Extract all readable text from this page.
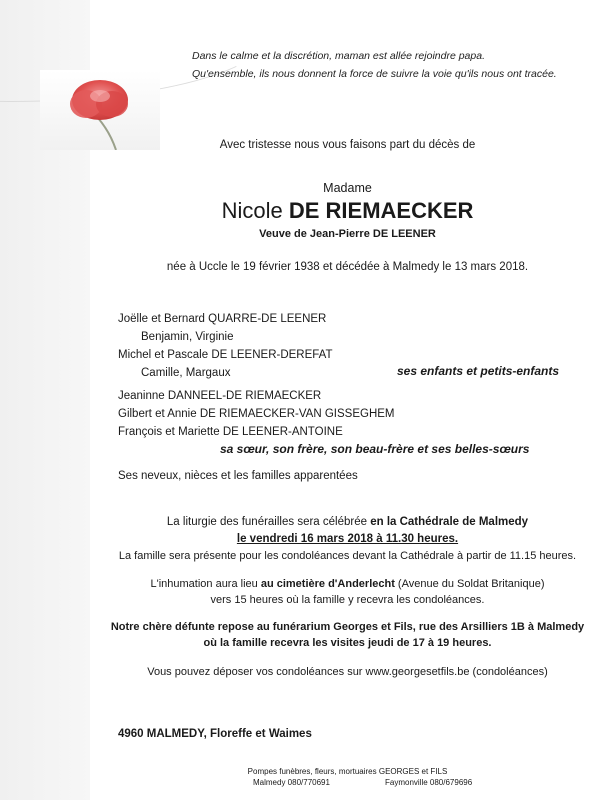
Dans le calme et la discrétion, maman est allée rejoindre papa.
Qu'ensemble, ils nous donnent la force de suivre la voie qu'ils nous ont tracée.
Avec tristesse nous vous faisons part du décès de
Madame
Nicole DE RIEMAECKER
Veuve de Jean-Pierre DE LEENER
née à Uccle le 19 février 1938 et décédée à Malmedy le 13 mars 2018.
Joëlle et Bernard QUARRE-DE LEENER
Benjamin, Virginie
Michel et Pascale DE LEENER-DEREFAT
Camille, Margaux	ses enfants et petits-enfants
Jeaninne DANNEEL-DE RIEMAECKER
Gilbert et Annie DE RIEMAECKER-VAN GISSEGHEM
François et Mariette DE LEENER-ANTOINE
sa sœur, son frère, son beau-frère et ses belles-sœurs
Ses neveux, nièces et les familles apparentées
La liturgie des funérailles sera célébrée en la Cathédrale de Malmedy
le vendredi 16 mars 2018 à 11.30 heures.
La famille sera présente pour les condoléances devant la Cathédrale à partir de 11.15 heures.
L'inhumation aura lieu au cimetière d'Anderlecht (Avenue du Soldat Britanique)
vers 15 heures où la famille y recevra les condoléances.
Notre chère défunte repose au funérarium Georges et Fils, rue des Arsilliers 1B à Malmedy
où la famille recevra les visites jeudi de 17 à 19 heures.
Vous pouvez déposer vos condoléances sur www.georgesetfils.be (condoléances)
4960 MALMEDY, Floreffe et Waimes
Pompes funèbres, fleurs, mortuaires GEORGES et FILS
Malmedy 080/770691	Faymonville 080/679696
